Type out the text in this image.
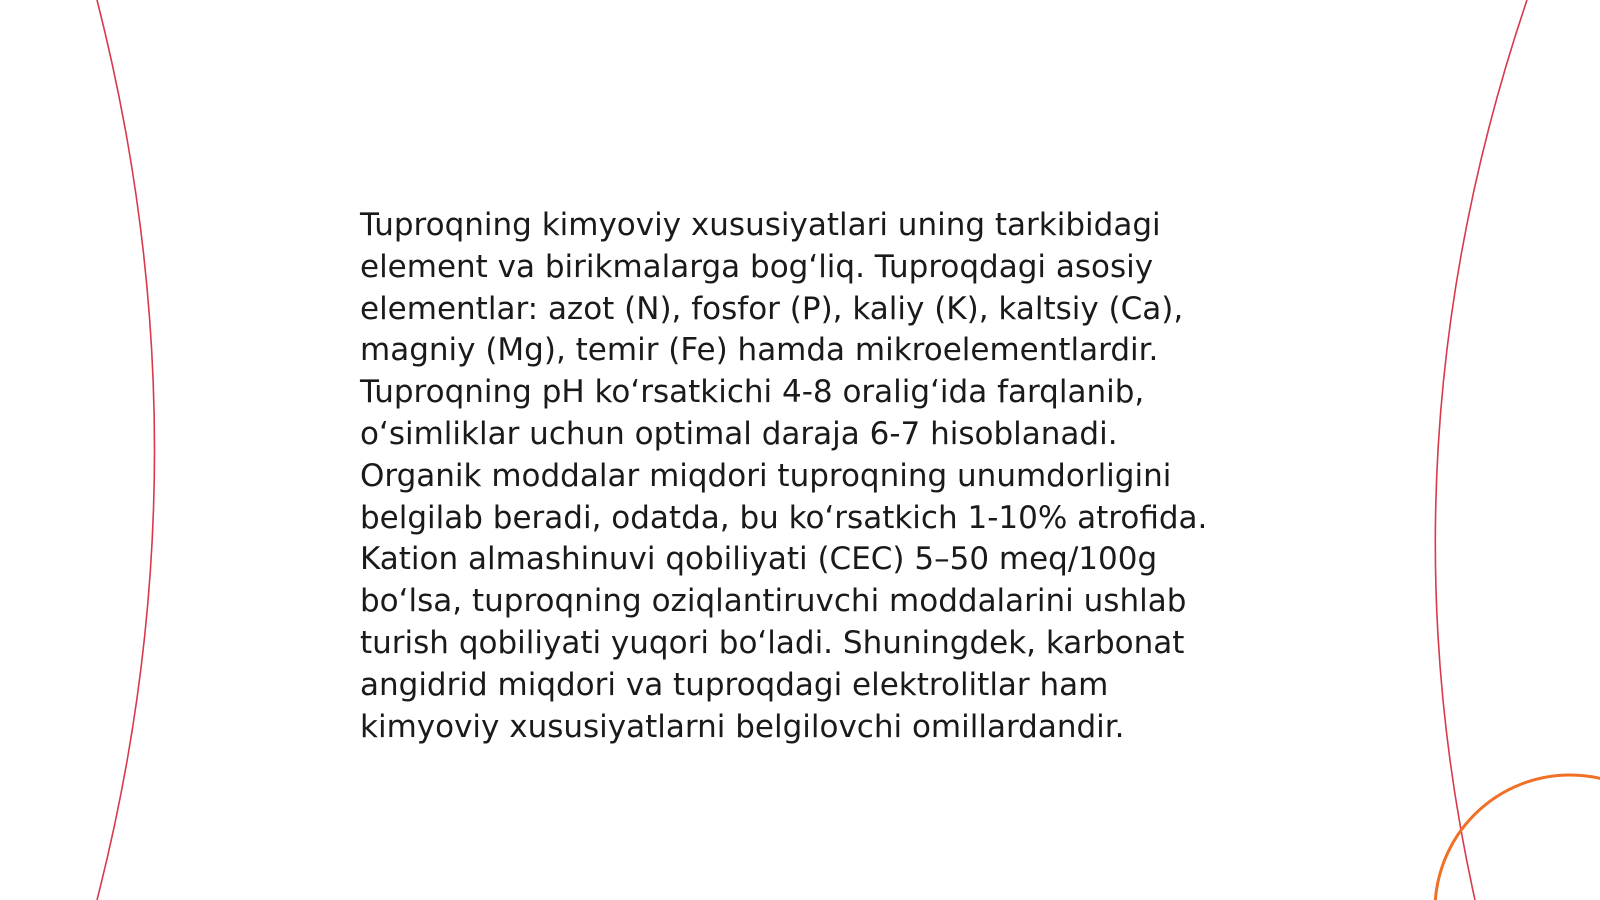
Tuproqning kimyoviy xususiyatlari uning tarkibidagi
element va birikmalarga bog‘liq. Tuproqdagi asosiy
elementlar: azot (N), fosfor (P), kaliy (K), kaltsiy (Ca),
magniy (Mg), temir (Fe) hamda mikroelementlardir.
Tuproqning pH ko‘rsatkichi 4-8 oralig‘ida farqlanib,
o‘simliklar uchun optimal daraja 6-7 hisoblanadi.
Organik moddalar miqdori tuproqning unumdorligini
belgilab beradi, odatda, bu ko‘rsatkich 1-10% atrofida.
Kation almashinuvi qobiliyati (CEC) 5–50 meq/100g
bo‘lsa, tuproqning oziqlantiruvchi moddalarini ushlab
turish qobiliyati yuqori bo‘ladi. Shuningdek, karbonat
angidrid miqdori va tuproqdagi elektrolitlar ham
kimyoviy xususiyatlarni belgilovchi omillardandir.
